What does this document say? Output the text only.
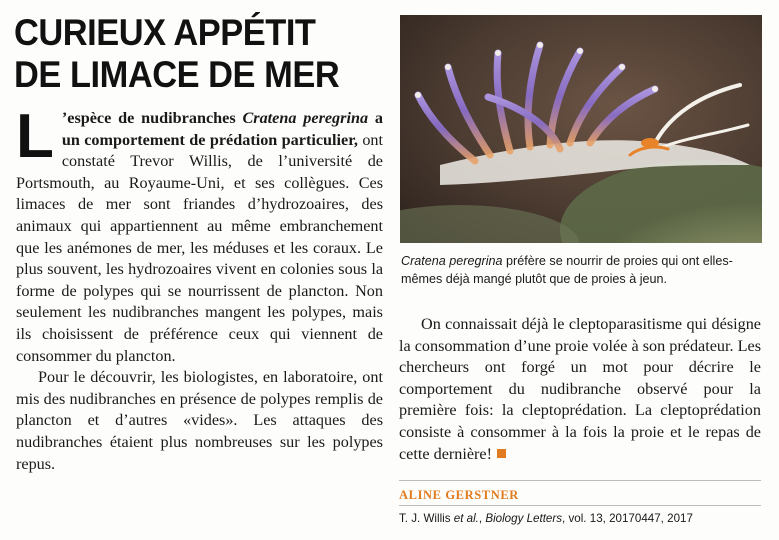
CURIEUX APPÉTIT
DE LIMACE DE MER

L ’espèce de nudibranches Cratena peregrina a un comportement de prédation particulier, ont constaté Trevor Willis, de l’université de Portsmouth, au Royaume-Uni, et ses collègues. Ces limaces de mer sont friandes d’hydrozoaires, des animaux qui appartiennent au même embranchement que les anémones de mer, les méduses et les coraux. Le plus souvent, les hydrozoaires vivent en colonies sous la forme de polypes qui se nourrissent de plancton. Non seulement les nudibranches mangent les polypes, mais ils choisissent de préférence ceux qui viennent de consommer du plancton.

Pour le découvrir, les biologistes, en laboratoire, ont mis des nudibranches en présence de polypes remplis de plancton et d’autres «vides». Les attaques des nudibranches étaient plus nombreuses sur les polypes repus.

Cratena peregrina préfère se nourrir de proies qui ont elles-mêmes déjà mangé plutôt que de proies à jeun.

On connaissait déjà le cleptoparasitisme qui désigne la consommation d’une proie volée à son prédateur. Les chercheurs ont forgé un mot pour décrire le comportement du nudibranche observé pour la première fois: la cleptoprédation. La cleptoprédation consiste à consommer à la fois la proie et le repas de cette dernière!

ALINE GERSTNER
T. J. Willis et al., Biology Letters, vol. 13, 20170447, 2017
